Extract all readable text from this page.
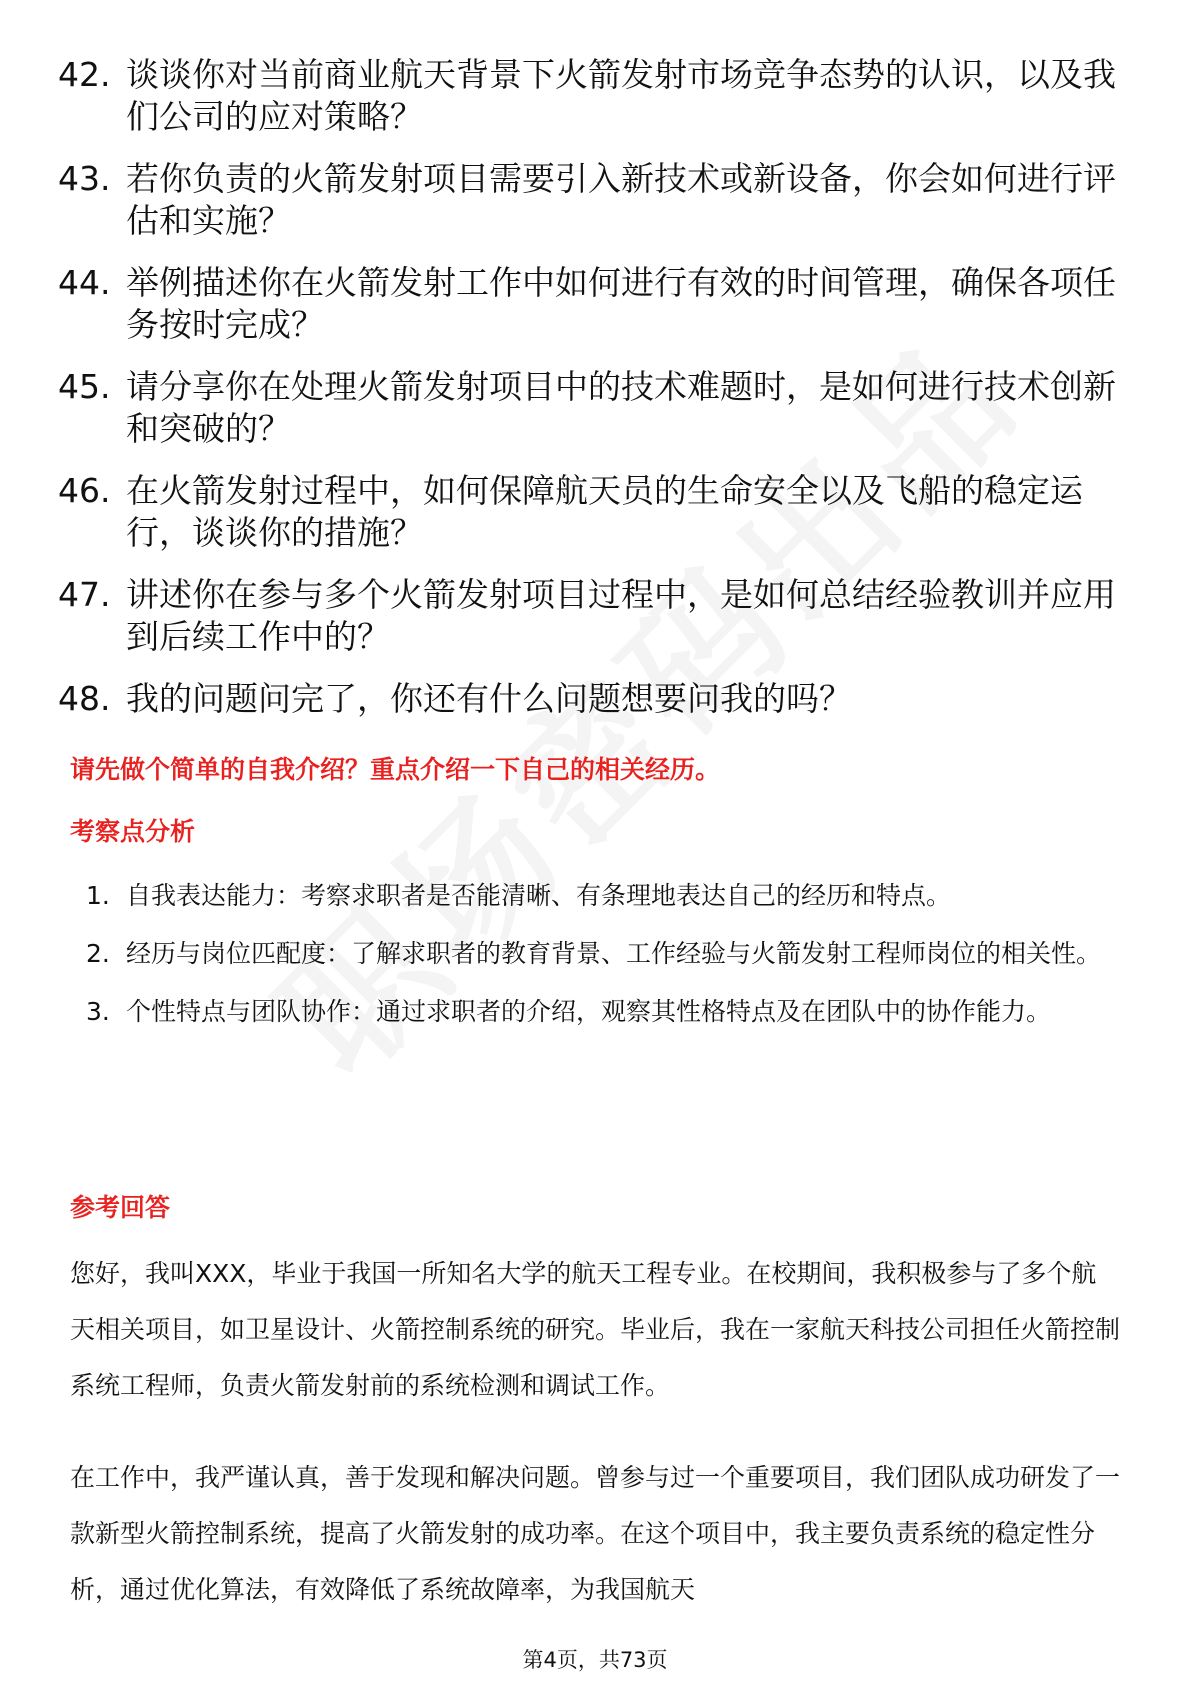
42. 谈谈你对当前商业航天背景下火箭发射市场竞争态势的认识，以及我们公司的应对策略？
43. 若你负责的火箭发射项目需要引入新技术或新设备，你会如何进行评估和实施？
44. 举例描述你在火箭发射工作中如何进行有效的时间管理，确保各项任务按时完成？
45. 请分享你在处理火箭发射项目中的技术难题时，是如何进行技术创新和突破的？
46. 在火箭发射过程中，如何保障航天员的生命安全以及飞船的稳定运行，谈谈你的措施？
47. 讲述你在参与多个火箭发射项目过程中，是如何总结经验教训并应用到后续工作中的？
48. 我的问题问完了，你还有什么问题想要问我的吗？
请先做个简单的自我介绍？重点介绍一下自己的相关经历。
考察点分析
1. 自我表达能力：考察求职者是否能清晰、有条理地表达自己的经历和特点。
2. 经历与岗位匹配度：了解求职者的教育背景、工作经验与火箭发射工程师岗位的相关性。
3. 个性特点与团队协作：通过求职者的介绍，观察其性格特点及在团队中的协作能力。
参考回答

您好，我叫XXX，毕业于我国一所知名大学的航天工程专业。在校期间，我积极参与了多个航天相关项目，如卫星设计、火箭控制系统的研究。毕业后，我在一家航天科技公司担任火箭控制系统工程师，负责火箭发射前的系统检测和调试工作。

在工作中，我严谨认真，善于发现和解决问题。曾参与过一个重要项目，我们团队成功研发了一款新型火箭控制系统，提高了火箭发射的成功率。在这个项目中，我主要负责系统的稳定性分析，通过优化算法，有效降低了系统故障率，为我国航天

第4页，共73页
